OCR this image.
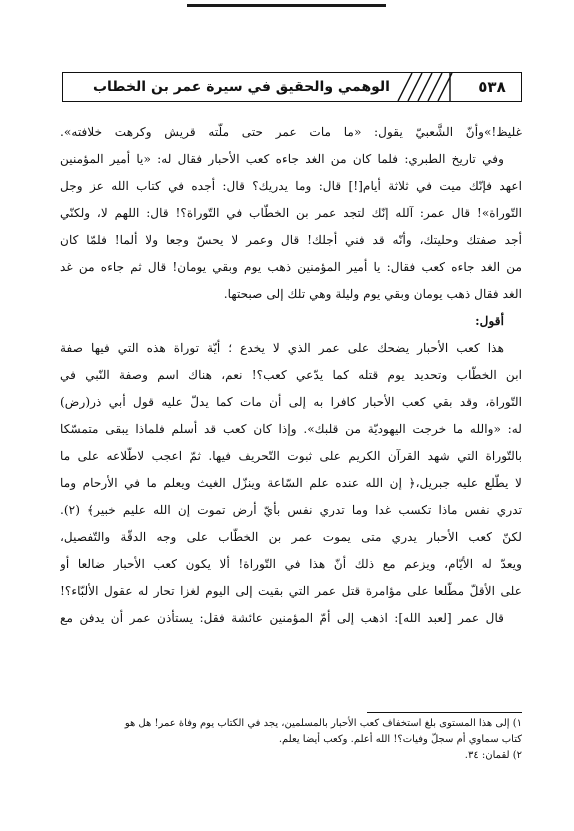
الوهمي والحقيق في سيرة عمر بن الخطاب	٥٣٨
غليظ!»وأنّ الشَّعبيّ يقول: «ما مات عمر حتى ملّته قريش وكرهت خلافته».
وفي تاريخ الطبري: فلما كان من الغد جاءه كعب الأحبار فقال له: «يا أمير المؤمنين
اعهد فإنّك ميت في ثلاثة أيام[!] قال: وما يدريك؟ قال: أجده في كتاب الله عز وجل
التّوراة»! قال عمر: آلله إنّك لتجد عمر بن الخطّاب في التّوراة؟! قال: اللهم لا، ولكنّي
أجد صفتك وحليتك، وأنّه قد فني أجلك! قال وعمر لا يحسّ وجعا ولا ألما! فلمّا كان
من الغد جاءه كعب فقال: يا أمير المؤمنين ذهب يوم وبقي يومان! قال ثم جاءه من غد
الغد فقال ذهب يومان وبقي يوم وليلة وهي تلك إلى صبحتها.
أقول:
هذا كعب الأحبار يضحك على عمر الذي لا يخدع ؛ أيّة توراة هذه التي فيها صفة
ابن الخطّاب وتحديد يوم قتله كما يدّعي كعب؟! نعم، هناك اسم وصفة النّبي في
التّوراة، وقد بقي كعب الأحبار كافرا به إلى أن مات كما يدلّ عليه قول أبي ذر(رض)
له: «والله ما خرجت اليهوديّة من قلبك». وإذا كان كعب قد أسلم فلماذا يبقى متمسّكا
بالتّوراة التي شهد القرآن الكريم على ثبوت التّحريف فيها. ثمّ اعجب لاطّلاعه على ما
لا يطّلع عليه جبريل،﴿ إن الله عنده علم السّاعة وينزّل الغيث ويعلم ما في الأرحام وما
تدري نفس ماذا تكسب غدا وما تدري نفس بأيّ أرض تموت إن الله عليم خبير﴾ (٢).
لكنّ كعب الأحبار يدري متى يموت عمر بن الخطّاب على وجه الدقّة والتّفصيل،
ويعدّ له الأيّام، ويزعم مع ذلك أنّ هذا في التّوراة! ألا يكون كعب الأحبار ضالعا أو
على الأقلّ مطّلعا على مؤامرة قتل عمر التي بقيت إلى اليوم لغزا تحار له عقول الألبّاء؟!
قال عمر [لعبد الله]: اذهب إلى أمّ المؤمنين عائشة فقل: يستأذن عمر أن يدفن مع
١) إلى هذا المستوى بلغ استخفاف كعب الأحبار بالمسلمين، يجد في الكتاب يوم وفاة عمر! هل هو
كتاب سماوي أم سجلّ وفيات؟! الله أعلم. وكعب أيضا يعلم.
٢) لقمان: ٣٤.
